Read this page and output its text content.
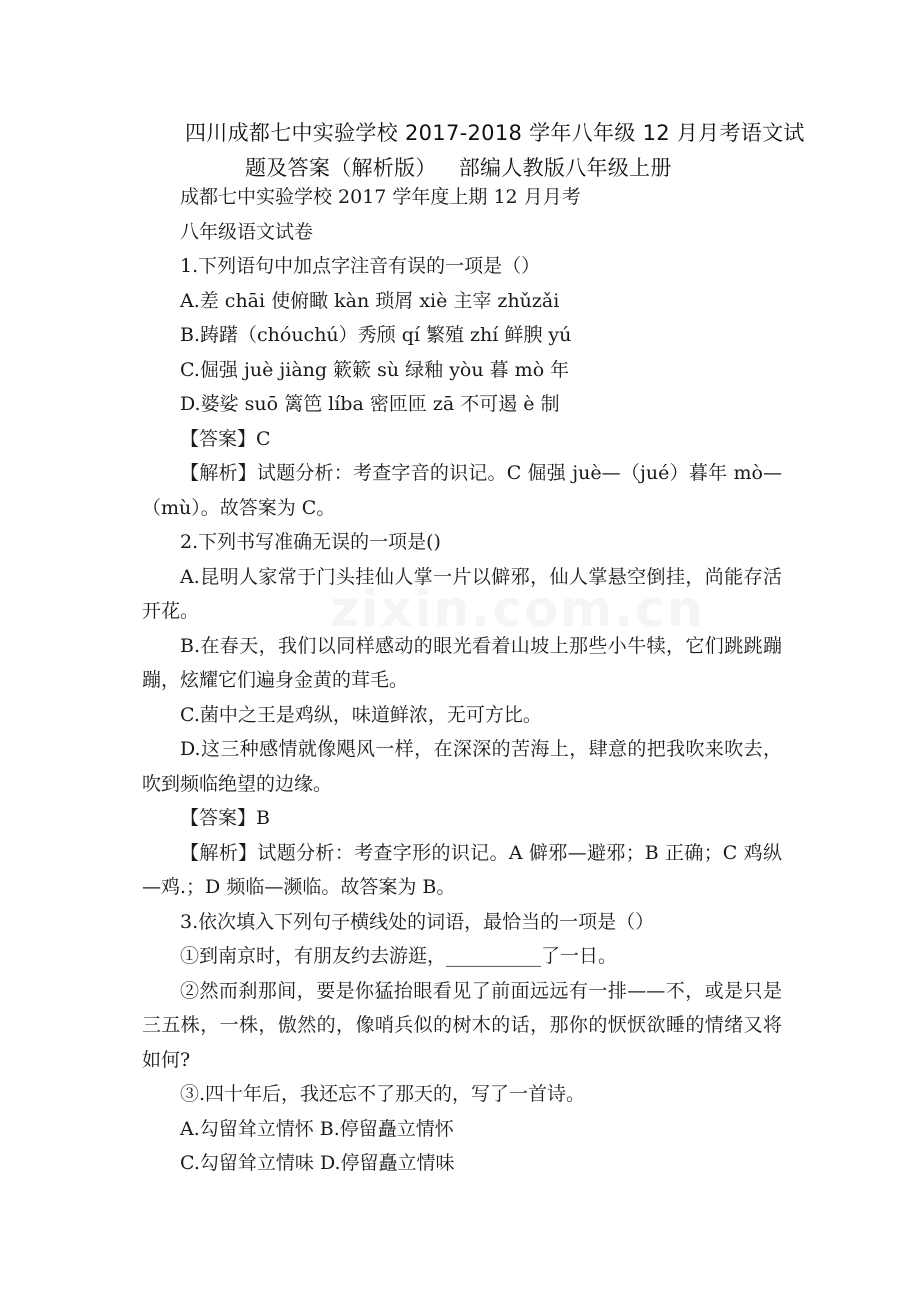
四川成都七中实验学校 2017-2018 学年八年级 12 月月考语文试
题及答案（解析版） 部编人教版八年级上册
zixin.com.cn

成都七中实验学校 2017 学年度上期 12 月月考

八年级语文试卷

1.下列语句中加点字注音有误的一项是（）

A.差 chāi 使俯瞰 kàn 琐屑 xiè 主宰 zhǔzǎi

B.踌躇（chóuchú）秀颀 qí 繁殖 zhí 鲜腴 yú

C.倔强 juè jiàng 簌簌 sù 绿釉 yòu 暮 mò 年

D.婆娑 suō 篱笆 líba 密匝匝 zā 不可遏 è 制

【答案】C

【解析】试题分析：考查字音的识记。C 倔强 juè—（jué）暮年 mò—（mù）。故答案为 C。

2.下列书写准确无误的一项是()

A.昆明人家常于门头挂仙人掌一片以僻邪，仙人掌悬空倒挂，尚能存活开花。

B.在春天，我们以同样感动的眼光看着山坡上那些小牛犊，它们跳跳蹦蹦，炫耀它们遍身金黄的茸毛。

C.菌中之王是鸡纵，味道鲜浓，无可方比。

D.这三种感情就像飓风一样，在深深的苦海上，肆意的把我吹来吹去，吹到频临绝望的边缘。

【答案】B

【解析】试题分析：考查字形的识记。A 僻邪—避邪；B 正确；C 鸡纵—鸡.；D 频临—濒临。故答案为 B。

3.依次填入下列句子横线处的词语，最恰当的一项是（）

①到南京时，有朋友约去游逛，__________了一日。

②然而刹那间，要是你猛抬眼看见了前面远远有一排——不，或是只是三五株，一株，傲然的，像哨兵似的树木的话，那你的恹恹欲睡的情绪又将如何?

③.四十年后，我还忘不了那天的，写了一首诗。

A.勾留耸立情怀 B.停留矗立情怀

C.勾留耸立情味 D.停留矗立情味
